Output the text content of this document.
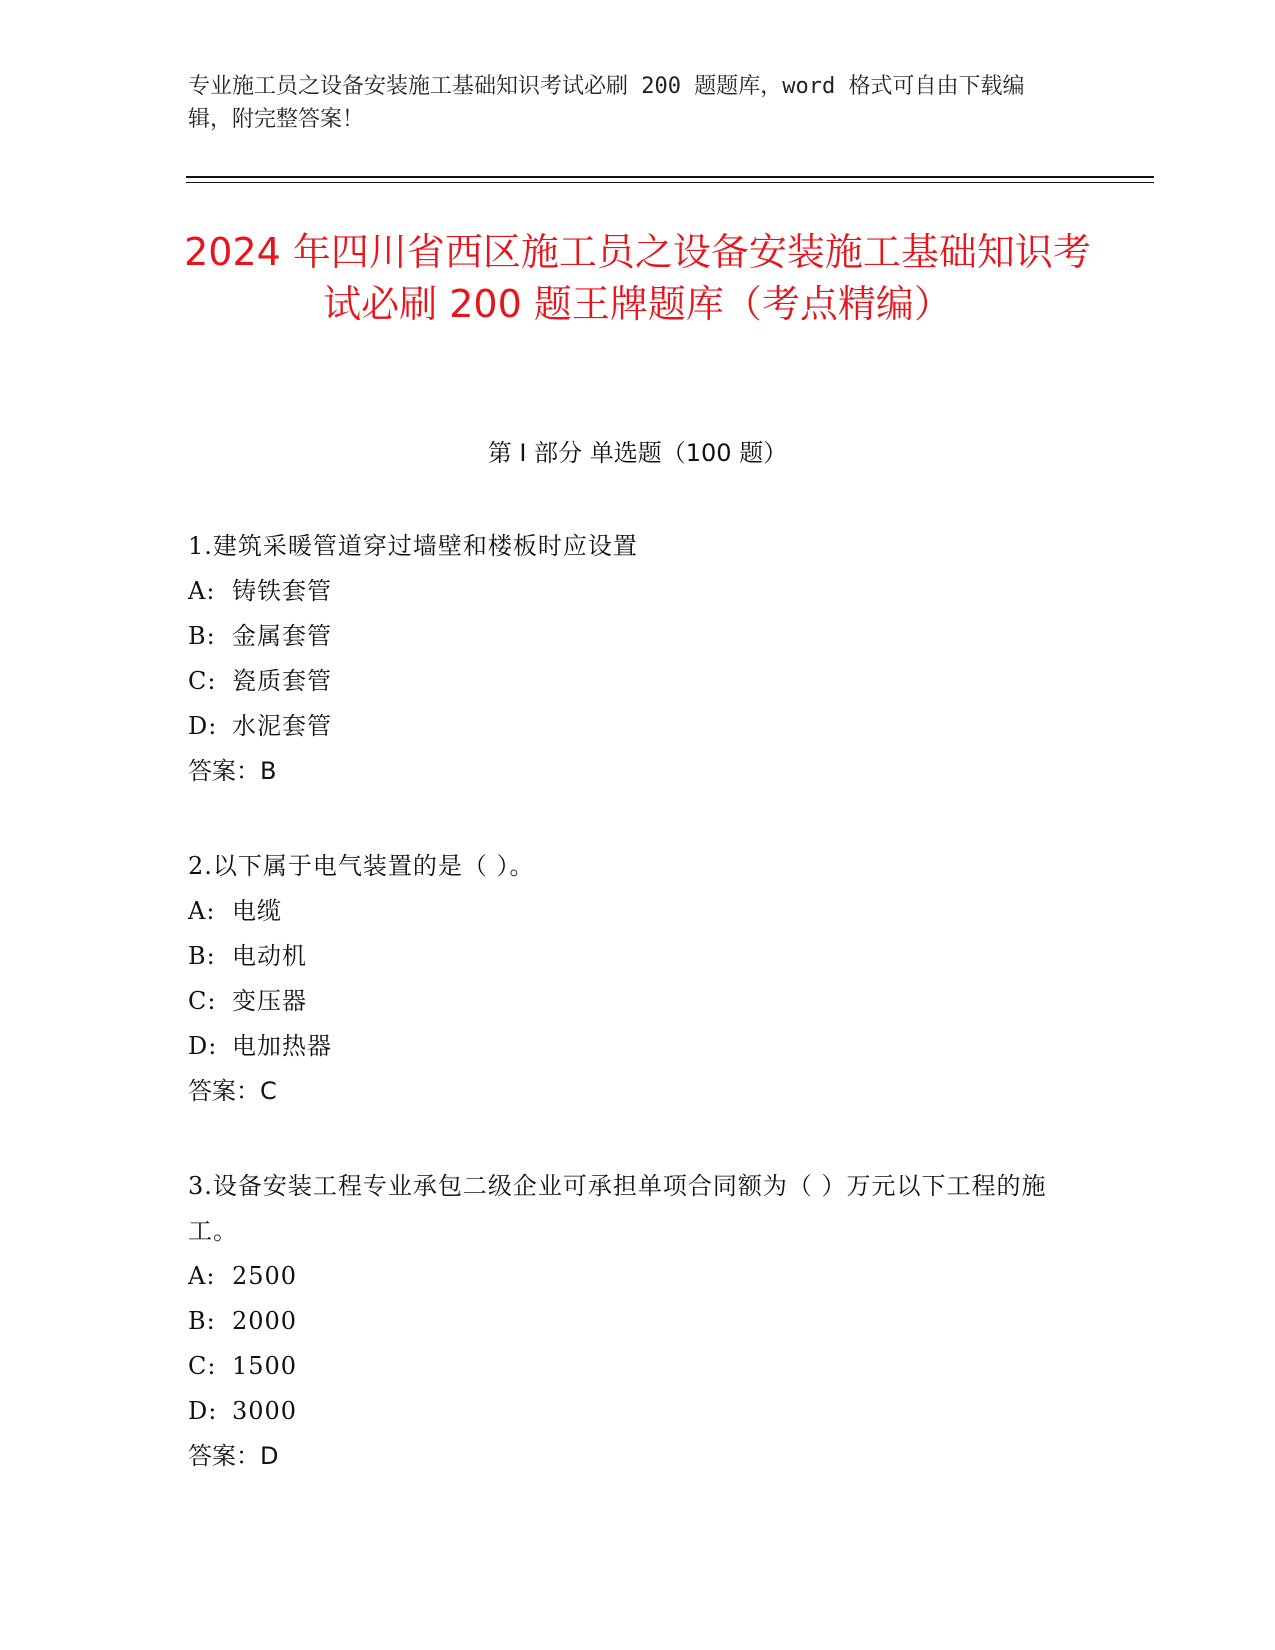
专业施工员之设备安装施工基础知识考试必刷 200 题题库，word 格式可自由下载编辑，附完整答案！
2024 年四川省西区施工员之设备安装施工基础知识考试必刷 200 题王牌题库（考点精编）
第 I 部分 单选题（100 题）
1.建筑采暖管道穿过墙壁和楼板时应设置
A: 铸铁套管
B: 金属套管
C: 瓷质套管
D: 水泥套管
答案：B
2.以下属于电气装置的是（ ）。
A: 电缆
B: 电动机
C: 变压器
D: 电加热器
答案：C
3.设备安装工程专业承包二级企业可承担单项合同额为（ ）万元以下工程的施工。
A: 2500
B: 2000
C: 1500
D: 3000
答案：D
